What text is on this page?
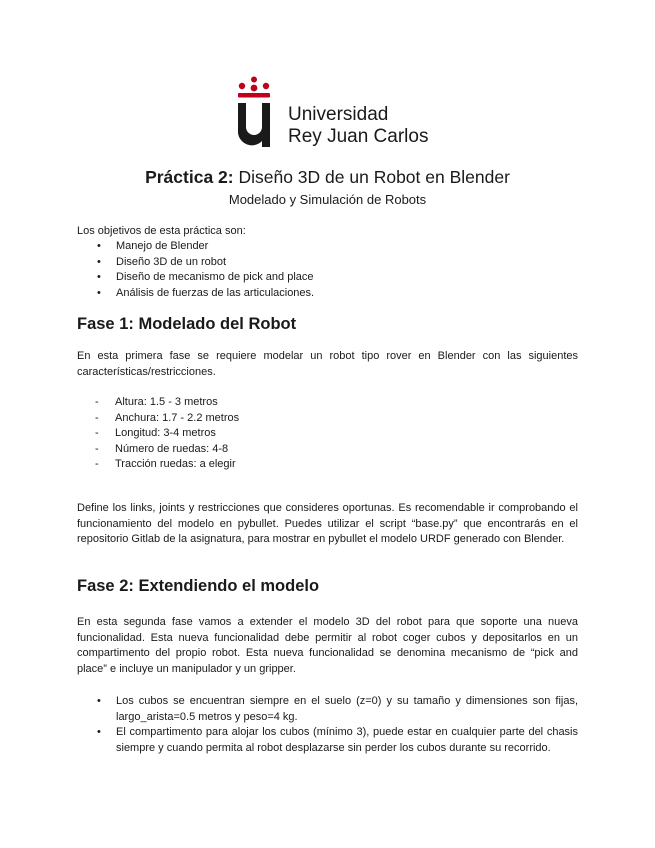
Universidad
Rey Juan Carlos
Práctica 2: Diseño 3D de un Robot en Blender
Modelado y Simulación de Robots
Los objetivos de esta práctica son:
• Manejo de Blender
• Diseño 3D de un robot
• Diseño de mecanismo de pick and place
• Análisis de fuerzas de las articulaciones.
Fase 1: Modelado del Robot
En esta primera fase se requiere modelar un robot tipo rover en Blender con las siguientes características/restricciones.
- Altura: 1.5 - 3 metros
- Anchura: 1.7 - 2.2 metros
- Longitud: 3-4 metros
- Número de ruedas: 4-8
- Tracción ruedas: a elegir
Define los links, joints y restricciones que consideres oportunas. Es recomendable ir comprobando el funcionamiento del modelo en pybullet. Puedes utilizar el script “base.py” que encontrarás en el repositorio Gitlab de la asignatura, para mostrar en pybullet el modelo URDF generado con Blender.
Fase 2: Extendiendo el modelo
En esta segunda fase vamos a extender el modelo 3D del robot para que soporte una nueva funcionalidad. Esta nueva funcionalidad debe permitir al robot coger cubos y depositarlos en un compartimento del propio robot. Esta nueva funcionalidad se denomina mecanismo de “pick and place” e incluye un manipulador y un gripper.
• Los cubos se encuentran siempre en el suelo (z=0) y su tamaño y dimensiones son fijas, largo_arista=0.5 metros y peso=4 kg.
• El compartimento para alojar los cubos (mínimo 3), puede estar en cualquier parte del chasis siempre y cuando permita al robot desplazarse sin perder los cubos durante su recorrido.
